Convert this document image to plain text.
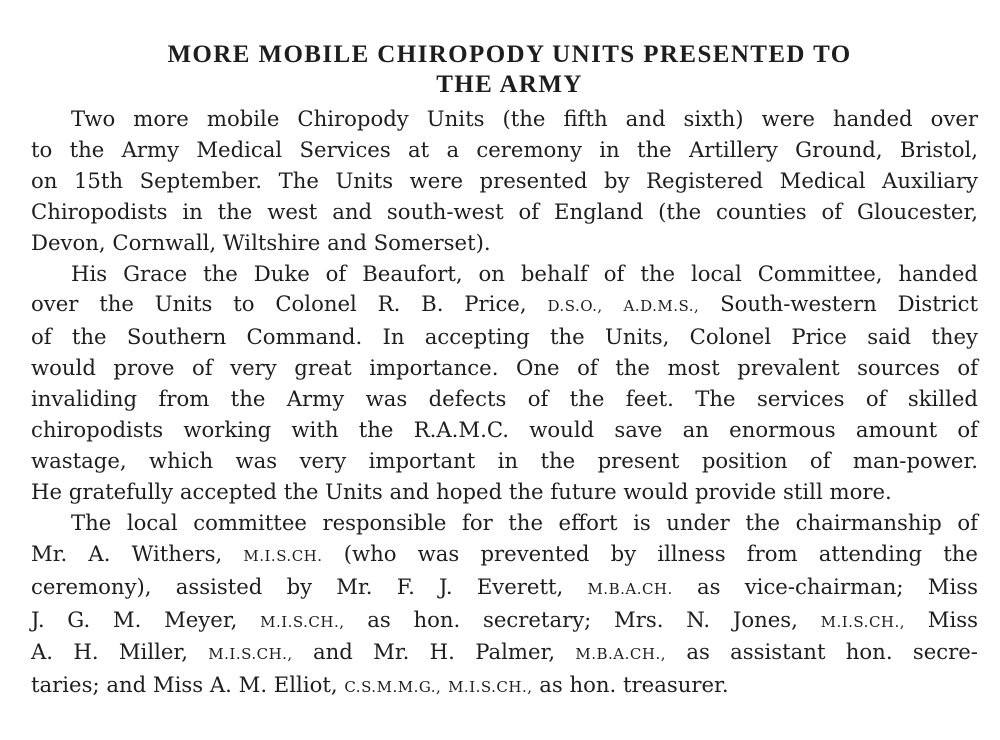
MORE MOBILE CHIROPODY UNITS PRESENTED TO
THE ARMY

Two more mobile Chiropody Units (the fifth and sixth) were handed over
to the Army Medical Services at a ceremony in the Artillery Ground, Bristol,
on 15th September. The Units were presented by Registered Medical Auxiliary
Chiropodists in the west and south-west of England (the counties of Gloucester,
Devon, Cornwall, Wiltshire and Somerset).

His Grace the Duke of Beaufort, on behalf of the local Committee, handed
over the Units to Colonel R. B. Price, D.S.O., A.D.M.S., South-western District
of the Southern Command. In accepting the Units, Colonel Price said they
would prove of very great importance. One of the most prevalent sources of
invaliding from the Army was defects of the feet. The services of skilled
chiropodists working with the R.A.M.C. would save an enormous amount of
wastage, which was very important in the present position of man-power.
He gratefully accepted the Units and hoped the future would provide still more.

The local committee responsible for the effort is under the chairmanship of
Mr. A. Withers, M.I.S.CH. (who was prevented by illness from attending the
ceremony), assisted by Mr. F. J. Everett, M.B.A.CH. as vice-chairman; Miss
J. G. M. Meyer, M.I.S.CH., as hon. secretary; Mrs. N. Jones, M.I.S.CH., Miss
A. H. Miller, M.I.S.CH., and Mr. H. Palmer, M.B.A.CH., as assistant hon. secre-
taries; and Miss A. M. Elliot, C.S.M.M.G., M.I.S.CH., as hon. treasurer.
